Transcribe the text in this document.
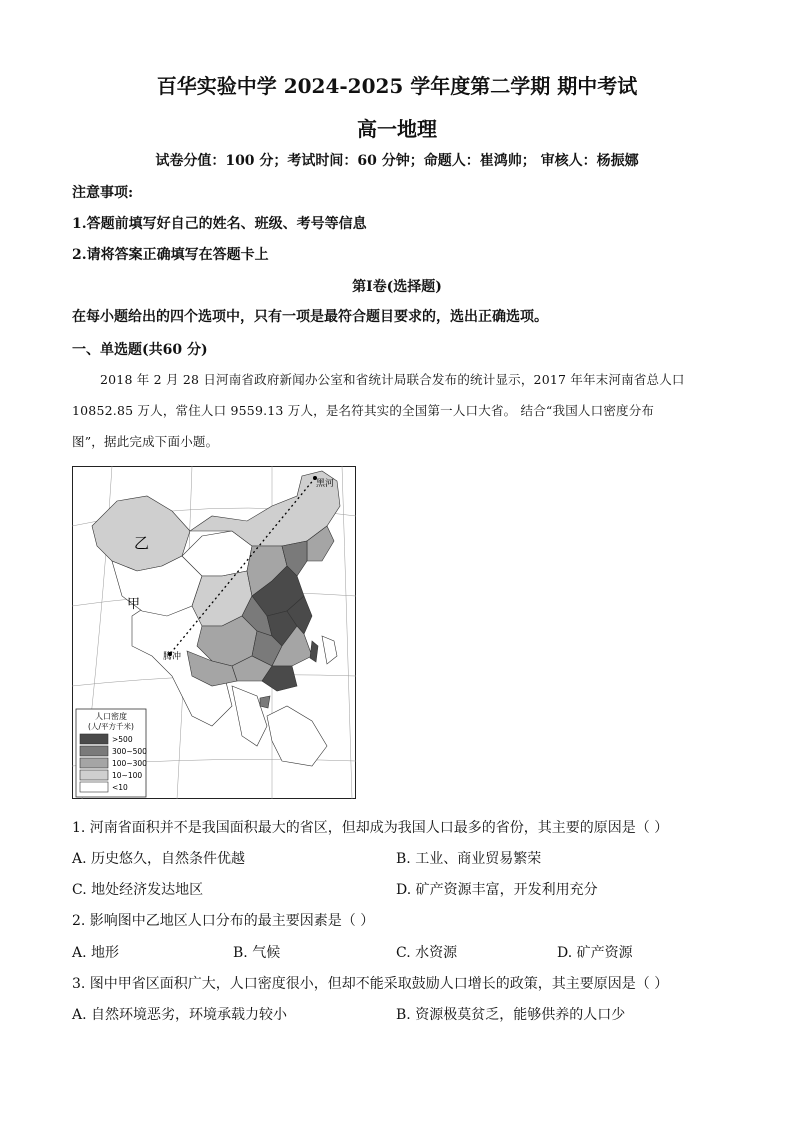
百华实验中学 2024-2025 学年度第二学期 期中考试
高一地理
试卷分值：100 分；考试时间：60 分钟；命题人：崔鸿帅； 审核人：杨振娜
注意事项:
1.答题前填写好自己的姓名、班级、考号等信息
2.请将答案正确填写在答题卡上
第Ⅰ卷(选择题)
在每小题给出的四个选项中，只有一项是最符合题目要求的，选出正确选项。
一、单选题(共60 分)
2018 年 2 月 28 日河南省政府新闻办公室和省统计局联合发布的统计显示，2017 年年末河南省总人口
10852.85 万人，常住人口 9559.13 万人，是名符其实的全国第一人口大省。 结合“我国人口密度分布
图”，据此完成下面小题。
黑河
腾冲
乙
甲
人口密度
(人/平方千米)
>500
300~500
100~300
10~100
<10
1. 河南省面积并不是我国面积最大的省区，但却成为我国人口最多的省份，其主要的原因是（ ）
A. 历史悠久，自然条件优越	B. 工业、商业贸易繁荣
C. 地处经济发达地区	D. 矿产资源丰富，开发利用充分
2. 影响图中乙地区人口分布的最主要因素是（ ）
A. 地形	B. 气候	C. 水资源	D. 矿产资源
3. 图中甲省区面积广大，人口密度很小，但却不能采取鼓励人口增长的政策，其主要原因是（ ）
A. 自然环境恶劣，环境承载力较小	B. 资源极莫贫乏，能够供养的人口少
